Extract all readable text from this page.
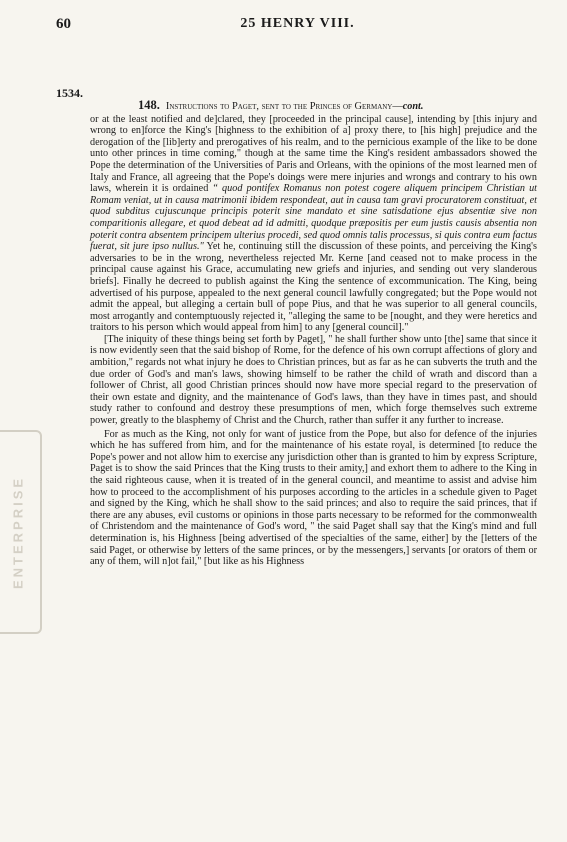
60	25 HENRY VIII.
1534.
ENTERPRISE

148. Instructions to Paget, sent to the Princes of Germany—cont.

or at the least notified and de]clared, they [proceeded in the principal cause], intending by [this injury and wrong to en]force the King's [highness to the exhibition of a] proxy there, to [his high] prejudice and the derogation of the [lib]erty and prerogatives of his realm, and to the pernicious example of the like to be done unto other princes in time coming," though at the same time the King's resident ambassadors showed the Pope the determination of the Universities of Paris and Orleans, with the opinions of the most learned men of Italy and France, all agreeing that the Pope's doings were mere injuries and wrongs and contrary to his own laws, wherein it is ordained “ quod pontifex Romanus non potest cogere aliquem principem Christian ut Romam veniat, ut in causa matrimonii ibidem respondeat, aut in causa tam gravi procuratorem constituat, et quod subditus cujuscunque principis poterit sine mandato et sine satisdatione ejus absentiæ sive non comparitionis allegare, et quod debeat ad id admitti, quodque præpositis per eum justis causis absentia non poterit contra absentem principem ulterius procedi, sed quod omnis talis processus, si quis contra eum factus fuerat, sit jure ipso nullus." Yet he, continuing still the discussion of these points, and perceiving the King's adversaries to be in the wrong, nevertheless rejected Mr. Kerne [and ceased not to make process in the principal cause against his Grace, accumulating new griefs and injuries, and sending out very slanderous briefs]. Finally he decreed to publish against the King the sentence of excommunication. The King, being advertised of his purpose, appealed to the next general council lawfully congregated; but the Pope would not admit the appeal, but alleging a certain bull of pope Pius, and that he was superior to all general councils, most arrogantly and contemptuously rejected it, "alleging the same to be [nought, and they were heretics and traitors to his person which would appeal from him] to any [general council]."

[The iniquity of these things being set forth by Paget], " he shall further show unto [the] same that since it is now evidently seen that the said bishop of Rome, for the defence of his own corrupt affections of glory and ambition," regards not what injury he does to Christian princes, but as far as he can subverts the truth and the due order of God's and man's laws, showing himself to be rather the child of wrath and discord than a follower of Christ, all good Christian princes should now have more special regard to the preservation of their own estate and dignity, and the maintenance of God's laws, than they have in times past, and should study rather to confound and destroy these presumptions of men, which forge themselves such extreme power, greatly to the blasphemy of Christ and the Church, rather than suffer it any further to increase.

For as much as the King, not only for want of justice from the Pope, but also for defence of the injuries which he has suffered from him, and for the maintenance of his estate royal, is determined [to reduce the Pope's power and not allow him to exercise any jurisdiction other than is granted to him by express Scripture, Paget is to show the said Princes that the King trusts to their amity,] and exhort them to adhere to the King in the said righteous cause, when it is treated of in the general council, and meantime to assist and advise him how to proceed to the accomplishment of his purposes according to the articles in a schedule given to Paget and signed by the King, which he shall show to the said princes; and also to require the said princes, that if there are any abuses, evil customs or opinions in those parts necessary to be reformed for the commonwealth of Christendom and the maintenance of God's word, " the said Paget shall say that the King's mind and full determination is, his Highness [being advertised of the specialties of the same, either] by the [letters of the said Paget, or otherwise by letters of the same princes, or by the messengers,] servants [or orators of them or any of them, will n]ot fail," [but like as his Highness
